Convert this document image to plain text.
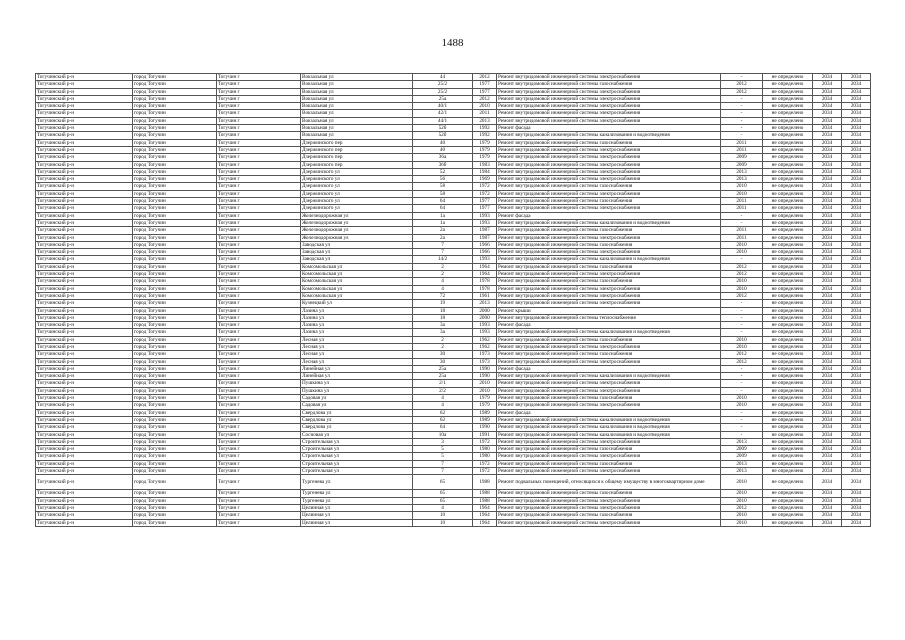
1488
Тогучинский р-н	город Тогучин	Тогучин г	Вокзальная ул	44	2012	Ремонт внутридомовой инженерной системы электроснабжения	-	не определено	2034	2034
Тогучинский р-н	город Тогучин	Тогучин г	Вокзальная ул	25/2	1977	Ремонт внутридомовой инженерной системы газоснабжения	2012	не определено	2034	2034
Тогучинский р-н	город Тогучин	Тогучин г	Вокзальная ул	25/2	1977	Ремонт внутридомовой инженерной системы электроснабжения	2012	не определено	2034	2034
Тогучинский р-н	город Тогучин	Тогучин г	Вокзальная ул	25а	2012	Ремонт внутридомовой инженерной системы электроснабжения	-	не определено	2034	2034
Тогучинский р-н	город Тогучин	Тогучин г	Вокзальная ул	40/1	2010	Ремонт внутридомовой инженерной системы электроснабжения	-	не определено	2034	2034
Тогучинский р-н	город Тогучин	Тогучин г	Вокзальная ул	42/1	2011	Ремонт внутридомовой инженерной системы электроснабжения	-	не определено	2034	2034
Тогучинский р-н	город Тогучин	Тогучин г	Вокзальная ул	44/1	2013	Ремонт внутридомовой инженерной системы электроснабжения	-	не определено	2034	2034
Тогучинский р-н	город Тогучин	Тогучин г	Вокзальная ул	52б	1992	Ремонт фасада	-	не определено	2034	2034
Тогучинский р-н	город Тогучин	Тогучин г	Вокзальная ул	52б	1992	Ремонт внутридомовой инженерной системы канализования и водоотведения	-	не определено	2034	2034
Тогучинский р-н	город Тогучин	Тогучин г	Дзержинского пер	40	1979	Ремонт внутридомовой инженерной системы газоснабжения	2011	не определено	2034	2034
Тогучинский р-н	город Тогучин	Тогучин г	Дзержинского пер	40	1979	Ремонт внутридомовой инженерной системы электроснабжения	2011	не определено	2034	2034
Тогучинский р-н	город Тогучин	Тогучин г	Дзержинского пер	36а	1979	Ремонт внутридомовой инженерной системы электроснабжения	2009	не определено	2034	2034
Тогучинский р-н	город Тогучин	Тогучин г	Дзержинского пер	36б	1983	Ремонт внутридомовой инженерной системы электроснабжения	2009	не определено	2034	2034
Тогучинский р-н	город Тогучин	Тогучин г	Дзержинского ул	52	1984	Ремонт внутридомовой инженерной системы электроснабжения	2013	не определено	2034	2034
Тогучинский р-н	город Тогучин	Тогучин г	Дзержинского ул	56	1969	Ремонт внутридомовой инженерной системы электроснабжения	2013	не определено	2034	2034
Тогучинский р-н	город Тогучин	Тогучин г	Дзержинского ул	58	1972	Ремонт внутридомовой инженерной системы газоснабжения	2010	не определено	2034	2034
Тогучинский р-н	город Тогучин	Тогучин г	Дзержинского ул	58	1972	Ремонт внутридомовой инженерной системы электроснабжения	2010	не определено	2034	2034
Тогучинский р-н	город Тогучин	Тогучин г	Дзержинского ул	64	1977	Ремонт внутридомовой инженерной системы газоснабжения	2011	не определено	2034	2034
Тогучинский р-н	город Тогучин	Тогучин г	Дзержинского ул	64	1977	Ремонт внутридомовой инженерной системы электроснабжения	2011	не определено	2034	2034
Тогучинский р-н	город Тогучин	Тогучин г	Железнодорожная ул	1а	1993	Ремонт фасада	-	не определено	2034	2034
Тогучинский р-н	город Тогучин	Тогучин г	Железнодорожная ул	1а	1993	Ремонт внутридомовой инженерной системы канализования и водоотведения	-	не определено	2034	2034
Тогучинский р-н	город Тогучин	Тогучин г	Железнодорожная ул	2а	1987	Ремонт внутридомовой инженерной системы газоснабжения	2011	не определено	2034	2034
Тогучинский р-н	город Тогучин	Тогучин г	Железнодорожная ул	2а	1987	Ремонт внутридомовой инженерной системы электроснабжения	2011	не определено	2034	2034
Тогучинский р-н	город Тогучин	Тогучин г	Заводская ул	7	1966	Ремонт внутридомовой инженерной системы газоснабжения	2010	не определено	2034	2034
Тогучинский р-н	город Тогучин	Тогучин г	Заводская ул	7	1966	Ремонт внутридомовой инженерной системы электроснабжения	2010	не определено	2034	2034
Тогучинский р-н	город Тогучин	Тогучин г	Заводская ул	14/2	1993	Ремонт внутридомовой инженерной системы канализования и водоотведения	-	не определено	2034	2034
Тогучинский р-н	город Тогучин	Тогучин г	Комсомольская ул	2	1964	Ремонт внутридомовой инженерной системы газоснабжения	2012	не определено	2034	2034
Тогучинский р-н	город Тогучин	Тогучин г	Комсомольская ул	2	1964	Ремонт внутридомовой инженерной системы электроснабжения	2012	не определено	2034	2034
Тогучинский р-н	город Тогучин	Тогучин г	Комсомольская ул	4	1978	Ремонт внутридомовой инженерной системы газоснабжения	2010	не определено	2034	2034
Тогучинский р-н	город Тогучин	Тогучин г	Комсомольская ул	4	1978	Ремонт внутридомовой инженерной системы электроснабжения	2010	не определено	2034	2034
Тогучинский р-н	город Тогучин	Тогучин г	Комсомольская ул	72	1961	Ремонт внутридомовой инженерной системы электроснабжения	2012	не определено	2034	2034
Тогучинский р-н	город Тогучин	Тогучин г	Кузнецкий ул	19	2013	Ремонт внутридомовой инженерной системы электроснабжения	-	не определено	2034	2034
Тогучинский р-н	город Тогучин	Тогучин г	Лазина ул	18	2000	Ремонт крыши	-	не определено	2034	2034
Тогучинский р-н	город Тогучин	Тогучин г	Лазина ул	18	2000	Ремонт внутридомовой инженерной системы теплоснабжения	-	не определено	2034	2034
Тогучинский р-н	город Тогучин	Тогучин г	Лазина ул	3а	1993	Ремонт фасада	-	не определено	2034	2034
Тогучинский р-н	город Тогучин	Тогучин г	Лазина ул	3а	1993	Ремонт внутридомовой инженерной системы канализования и водоотведения	-	не определено	2034	2034
Тогучинский р-н	город Тогучин	Тогучин г	Лесная ул	2	1962	Ремонт внутридомовой инженерной системы газоснабжения	2010	не определено	2034	2034
Тогучинский р-н	город Тогучин	Тогучин г	Лесная ул	2	1962	Ремонт внутридомовой инженерной системы электроснабжения	2010	не определено	2034	2034
Тогучинский р-н	город Тогучин	Тогучин г	Лесная ул	30	1973	Ремонт внутридомовой инженерной системы газоснабжения	2012	не определено	2034	2034
Тогучинский р-н	город Тогучин	Тогучин г	Лесная ул	30	1973	Ремонт внутридомовой инженерной системы электроснабжения	2012	не определено	2034	2034
Тогучинский р-н	город Тогучин	Тогучин г	Линейная ул	25а	1990	Ремонт фасада	-	не определено	2034	2034
Тогучинский р-н	город Тогучин	Тогучин г	Линейная ул	25а	1990	Ремонт внутридомовой инженерной системы канализования и водоотведения	-	не определено	2034	2034
Тогучинский р-н	город Тогучин	Тогучин г	Пушкина ул	2/1	2010	Ремонт внутридомовой инженерной системы электроснабжения	-	не определено	2034	2034
Тогучинский р-н	город Тогучин	Тогучин г	Пушкина ул	2/2	2010	Ремонт внутридомовой инженерной системы электроснабжения	-	не определено	2034	2034
Тогучинский р-н	город Тогучин	Тогучин г	Садовая ул	4	1979	Ремонт внутридомовой инженерной системы газоснабжения	2010	не определено	2034	2034
Тогучинский р-н	город Тогучин	Тогучин г	Садовая ул	4	1979	Ремонт внутридомовой инженерной системы электроснабжения	2010	не определено	2034	2034
Тогучинский р-н	город Тогучин	Тогучин г	Свердлова ул	62	1989	Ремонт фасада	-	не определено	2034	2034
Тогучинский р-н	город Тогучин	Тогучин г	Свердлова ул	62	1989	Ремонт внутридомовой инженерной системы канализования и водоотведения	-	не определено	2034	2034
Тогучинский р-н	город Тогучин	Тогучин г	Свердлова ул	64	1990	Ремонт внутридомовой инженерной системы канализования и водоотведения	-	не определено	2034	2034
Тогучинский р-н	город Тогучин	Тогучин г	Сосновая ул	10а	1991	Ремонт внутридомовой инженерной системы канализования и водоотведения	-	не определено	2034	2034
Тогучинский р-н	город Тогучин	Тогучин г	Строительная ул	3	1972	Ремонт внутридомовой инженерной системы электроснабжения	2013	не определено	2034	2034
Тогучинский р-н	город Тогучин	Тогучин г	Строительная ул	5	1980	Ремонт внутридомовой инженерной системы газоснабжения	2009	не определено	2034	2034
Тогучинский р-н	город Тогучин	Тогучин г	Строительная ул	5	1980	Ремонт внутридомовой инженерной системы электроснабжения	2009	не определено	2034	2034
Тогучинский р-н	город Тогучин	Тогучин г	Строительная ул	7	1972	Ремонт внутридомовой инженерной системы газоснабжения	2013	не определено	2034	2034
Тогучинский р-н	город Тогучин	Тогучин г	Строительная ул	7	1972	Ремонт внутридомовой инженерной системы электроснабжения	2013	не определено	2034	2034
Тогучинский р-н	город Тогучин	Тогучин г	Тургенева ул	65	1988	Ремонт подвальных помещений, относящихся к общему имуществу в многоквартирном доме	2010	не определено	2034	2034
Тогучинский р-н	город Тогучин	Тогучин г	Тургенева ул	65	1988	Ремонт внутридомовой инженерной системы газоснабжения	2010	не определено	2034	2034
Тогучинский р-н	город Тогучин	Тогучин г	Тургенева ул	65	1988	Ремонт внутридомовой инженерной системы электроснабжения	2010	не определено	2034	2034
Тогучинский р-н	город Тогучин	Тогучин г	Целинная ул	4	1964	Ремонт внутридомовой инженерной системы электроснабжения	2012	не определено	2034	2034
Тогучинский р-н	город Тогучин	Тогучин г	Целинная ул	10	1964	Ремонт внутридомовой инженерной системы газоснабжения	2010	не определено	2034	2034
Тогучинский р-н	город Тогучин	Тогучин г	Целинная ул	10	1964	Ремонт внутридомовой инженерной системы электроснабжения	2010	не определено	2034	2034
